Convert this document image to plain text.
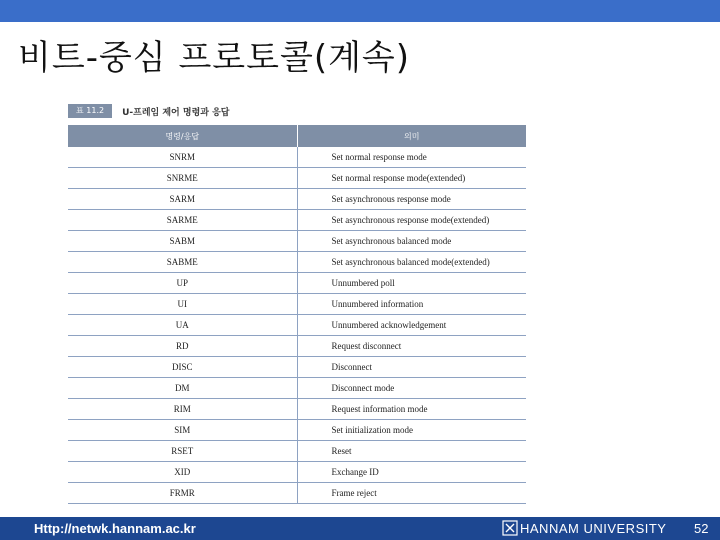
비트-중심 프로토콜(계속)
표 11.2	U-프레임 제어 명령과 응답
명령/응답	의미
SNRM	Set normal response mode
SNRME	Set normal response mode(extended)
SARM	Set asynchronous response mode
SARME	Set asynchronous response mode(extended)
SABM	Set asynchronous balanced mode
SABME	Set asynchronous balanced mode(extended)
UP	Unnumbered poll
UI	Unnumbered information
UA	Unnumbered acknowledgement
RD	Request disconnect
DISC	Disconnect
DM	Disconnect mode
RIM	Request information mode
SIM	Set initialization mode
RSET	Reset
XID	Exchange ID
FRMR	Frame reject
Http://netwk.hannam.ac.kr	HANNAM UNIVERSITY 52
